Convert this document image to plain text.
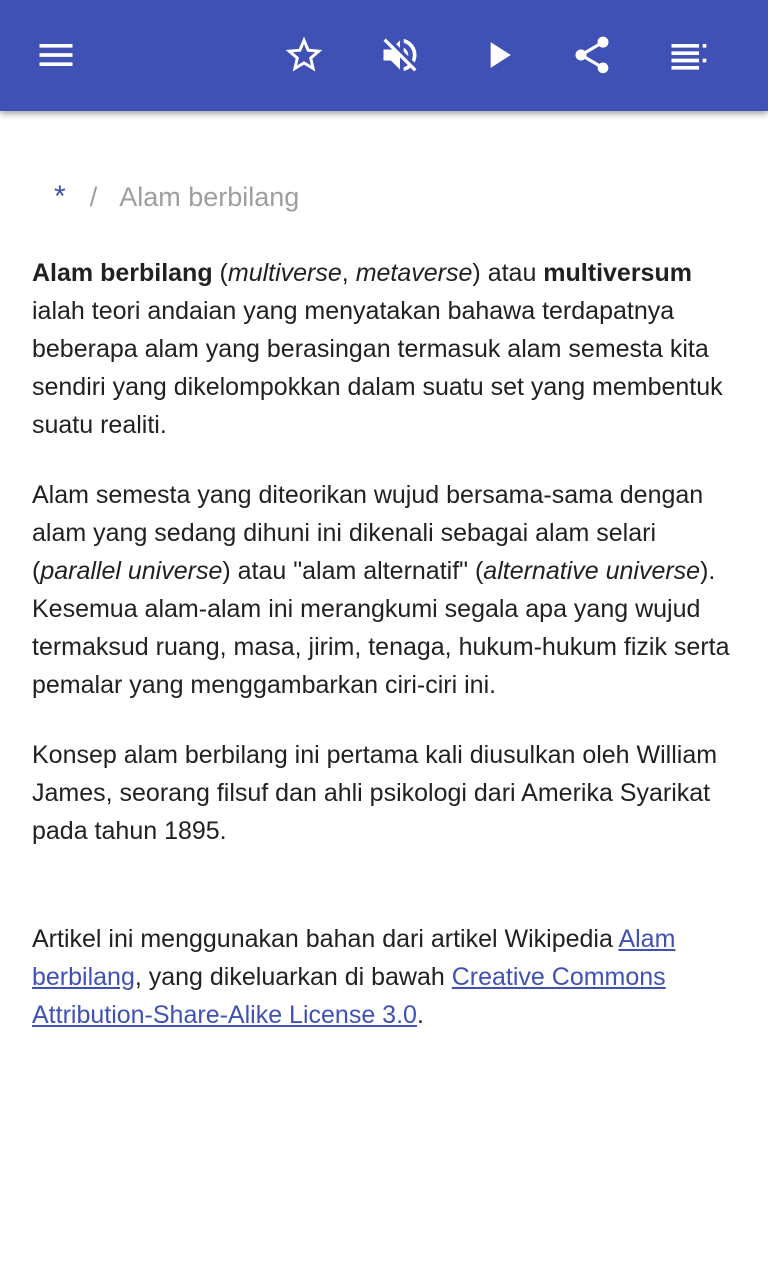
* / Alam berbilang

Alam berbilang (multiverse, metaverse) atau multiversum ialah teori andaian yang menyatakan bahawa terdapatnya beberapa alam yang berasingan termasuk alam semesta kita sendiri yang dikelompokkan dalam suatu set yang membentuk suatu realiti.

Alam semesta yang diteorikan wujud bersama-sama dengan alam yang sedang dihuni ini dikenali sebagai alam selari (parallel universe) atau "alam alternatif" (alternative universe). Kesemua alam-alam ini merangkumi segala apa yang wujud termaksud ruang, masa, jirim, tenaga, hukum-hukum fizik serta pemalar yang menggambarkan ciri-ciri ini.

Konsep alam berbilang ini pertama kali diusulkan oleh William James, seorang filsuf dan ahli psikologi dari Amerika Syarikat pada tahun 1895.

Artikel ini menggunakan bahan dari artikel Wikipedia Alam berbilang, yang dikeluarkan di bawah Creative Commons Attribution-Share-Alike License 3.0.
